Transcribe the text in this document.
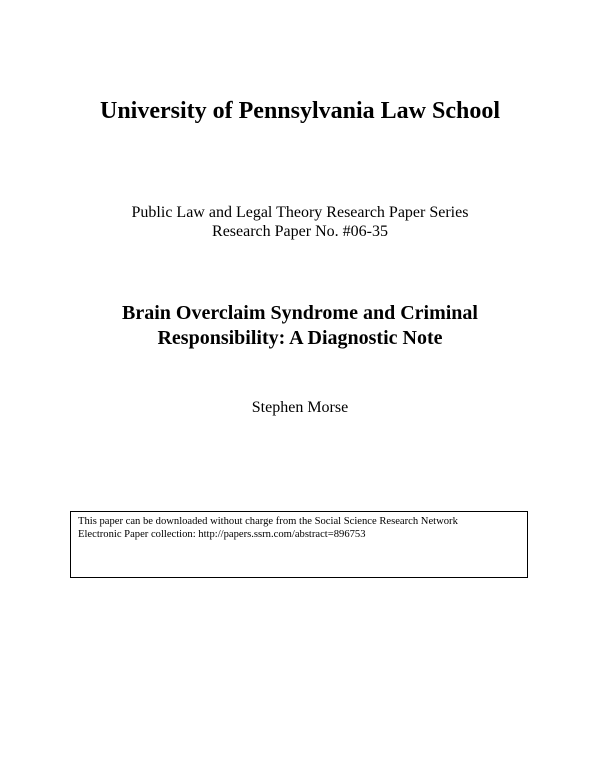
University of Pennsylvania Law School
Public Law and Legal Theory Research Paper Series
Research Paper No. #06-35
Brain Overclaim Syndrome and Criminal
Responsibility: A Diagnostic Note
Stephen Morse
This paper can be downloaded without charge from the Social Science Research Network
Electronic Paper collection: http://papers.ssrn.com/abstract=896753
